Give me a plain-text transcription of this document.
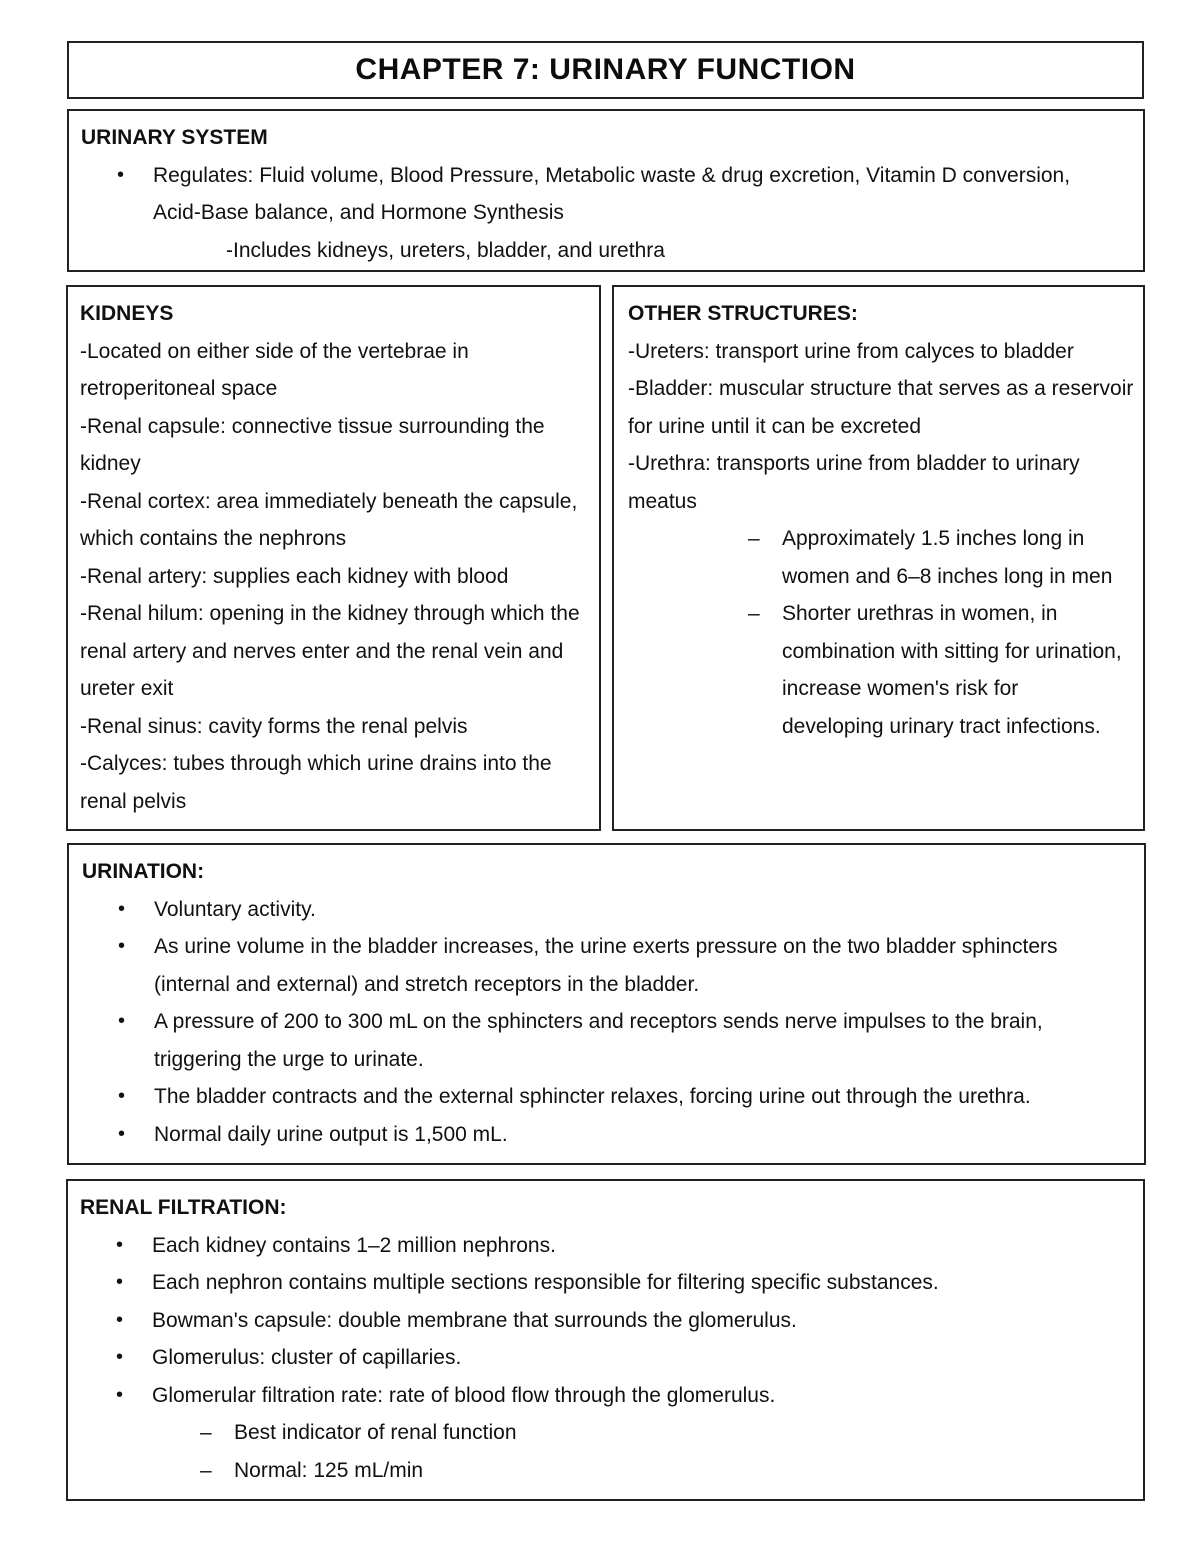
CHAPTER 7: URINARY FUNCTION
URINARY SYSTEM
• Regulates: Fluid volume, Blood Pressure, Metabolic waste & drug excretion, Vitamin D conversion, Acid-Base balance, and Hormone Synthesis
-Includes kidneys, ureters, bladder, and urethra
KIDNEYS
-Located on either side of the vertebrae in retroperitoneal space
-Renal capsule: connective tissue surrounding the kidney
-Renal cortex: area immediately beneath the capsule, which contains the nephrons
-Renal artery: supplies each kidney with blood
-Renal hilum: opening in the kidney through which the renal artery and nerves enter and the renal vein and ureter exit
-Renal sinus: cavity forms the renal pelvis
-Calyces: tubes through which urine drains into the renal pelvis
OTHER STRUCTURES:
-Ureters: transport urine from calyces to bladder
-Bladder: muscular structure that serves as a reservoir for urine until it can be excreted
-Urethra: transports urine from bladder to urinary meatus
– Approximately 1.5 inches long in women and 6–8 inches long in men
– Shorter urethras in women, in combination with sitting for urination, increase women's risk for developing urinary tract infections.
URINATION:
• Voluntary activity.
• As urine volume in the bladder increases, the urine exerts pressure on the two bladder sphincters (internal and external) and stretch receptors in the bladder.
• A pressure of 200 to 300 mL on the sphincters and receptors sends nerve impulses to the brain, triggering the urge to urinate.
• The bladder contracts and the external sphincter relaxes, forcing urine out through the urethra.
• Normal daily urine output is 1,500 mL.
RENAL FILTRATION:
• Each kidney contains 1–2 million nephrons.
• Each nephron contains multiple sections responsible for filtering specific substances.
• Bowman's capsule: double membrane that surrounds the glomerulus.
• Glomerulus: cluster of capillaries.
• Glomerular filtration rate: rate of blood flow through the glomerulus.
– Best indicator of renal function
– Normal: 125 mL/min
